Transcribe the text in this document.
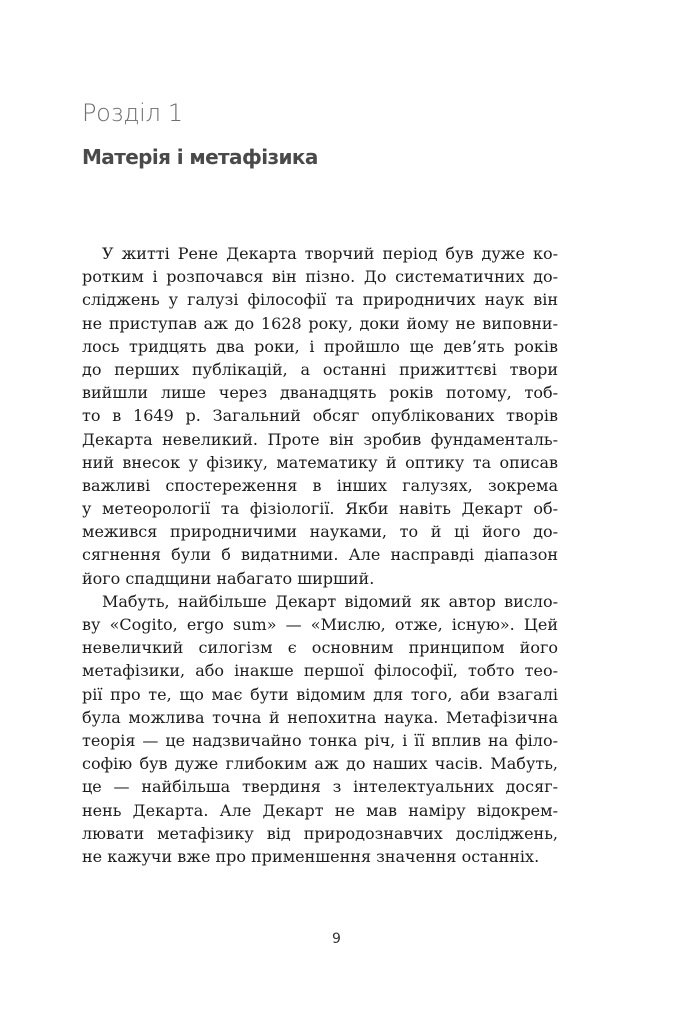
Розділ 1
Матерія і метафізика
У житті Рене Декарта творчий період був дуже ко-
ротким і розпочався він пізно. До систематичних до-
сліджень у галузі філософії та природничих наук він
не приступав аж до 1628 року, доки йому не виповни-
лось тридцять два роки, і пройшло ще дев’ять років
до перших публікацій, а останні прижиттєві твори
вийшли лише через дванадцять років потому, тоб-
то в 1649 р. Загальний обсяг опублікованих творів
Декарта невеликий. Проте він зробив фундаменталь-
ний внесок у фізику, математику й оптику та описав
важливі спостереження в інших галузях, зокрема
у метеорології та фізіології. Якби навіть Декарт об-
межився природничими науками, то й ці його до-
сягнення були б видатними. Але насправді діапазон
його спадщини набагато ширший.
Мабуть, найбільше Декарт відомий як автор висло-
ву «Cogito, ergo sum» — «Мислю, отже, існую». Цей
невеличкий силогізм є основним принципом його
метафізики, або інакше першої філософії, тобто тео-
рії про те, що має бути відомим для того, аби взагалі
була можлива точна й непохитна наука. Метафізична
теорія — це надзвичайно тонка річ, і її вплив на філо-
софію був дуже глибоким аж до наших часів. Мабуть,
це — найбільша твердиня з інтелектуальних досяг-
нень Декарта. Але Декарт не мав наміру відокрем-
лювати метафізику від природознавчих досліджень,
не кажучи вже про применшення значення останніх.
9
